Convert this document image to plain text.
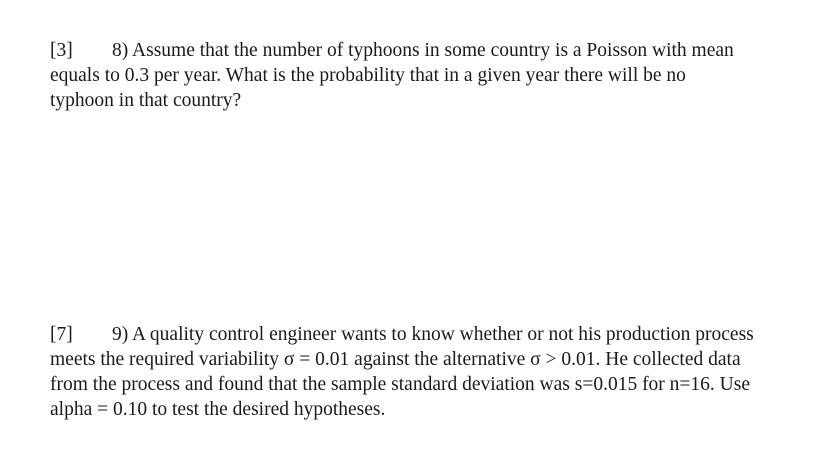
[3] 8) Assume that the number of typhoons in some country is a Poisson with mean
equals to 0.3 per year. What is the probability that in a given year there will be no
typhoon in that country?
[7] 9) A quality control engineer wants to know whether or not his production process
meets the required variability σ = 0.01 against the alternative σ > 0.01. He collected data
from the process and found that the sample standard deviation was s=0.015 for n=16. Use
alpha = 0.10 to test the desired hypotheses.
